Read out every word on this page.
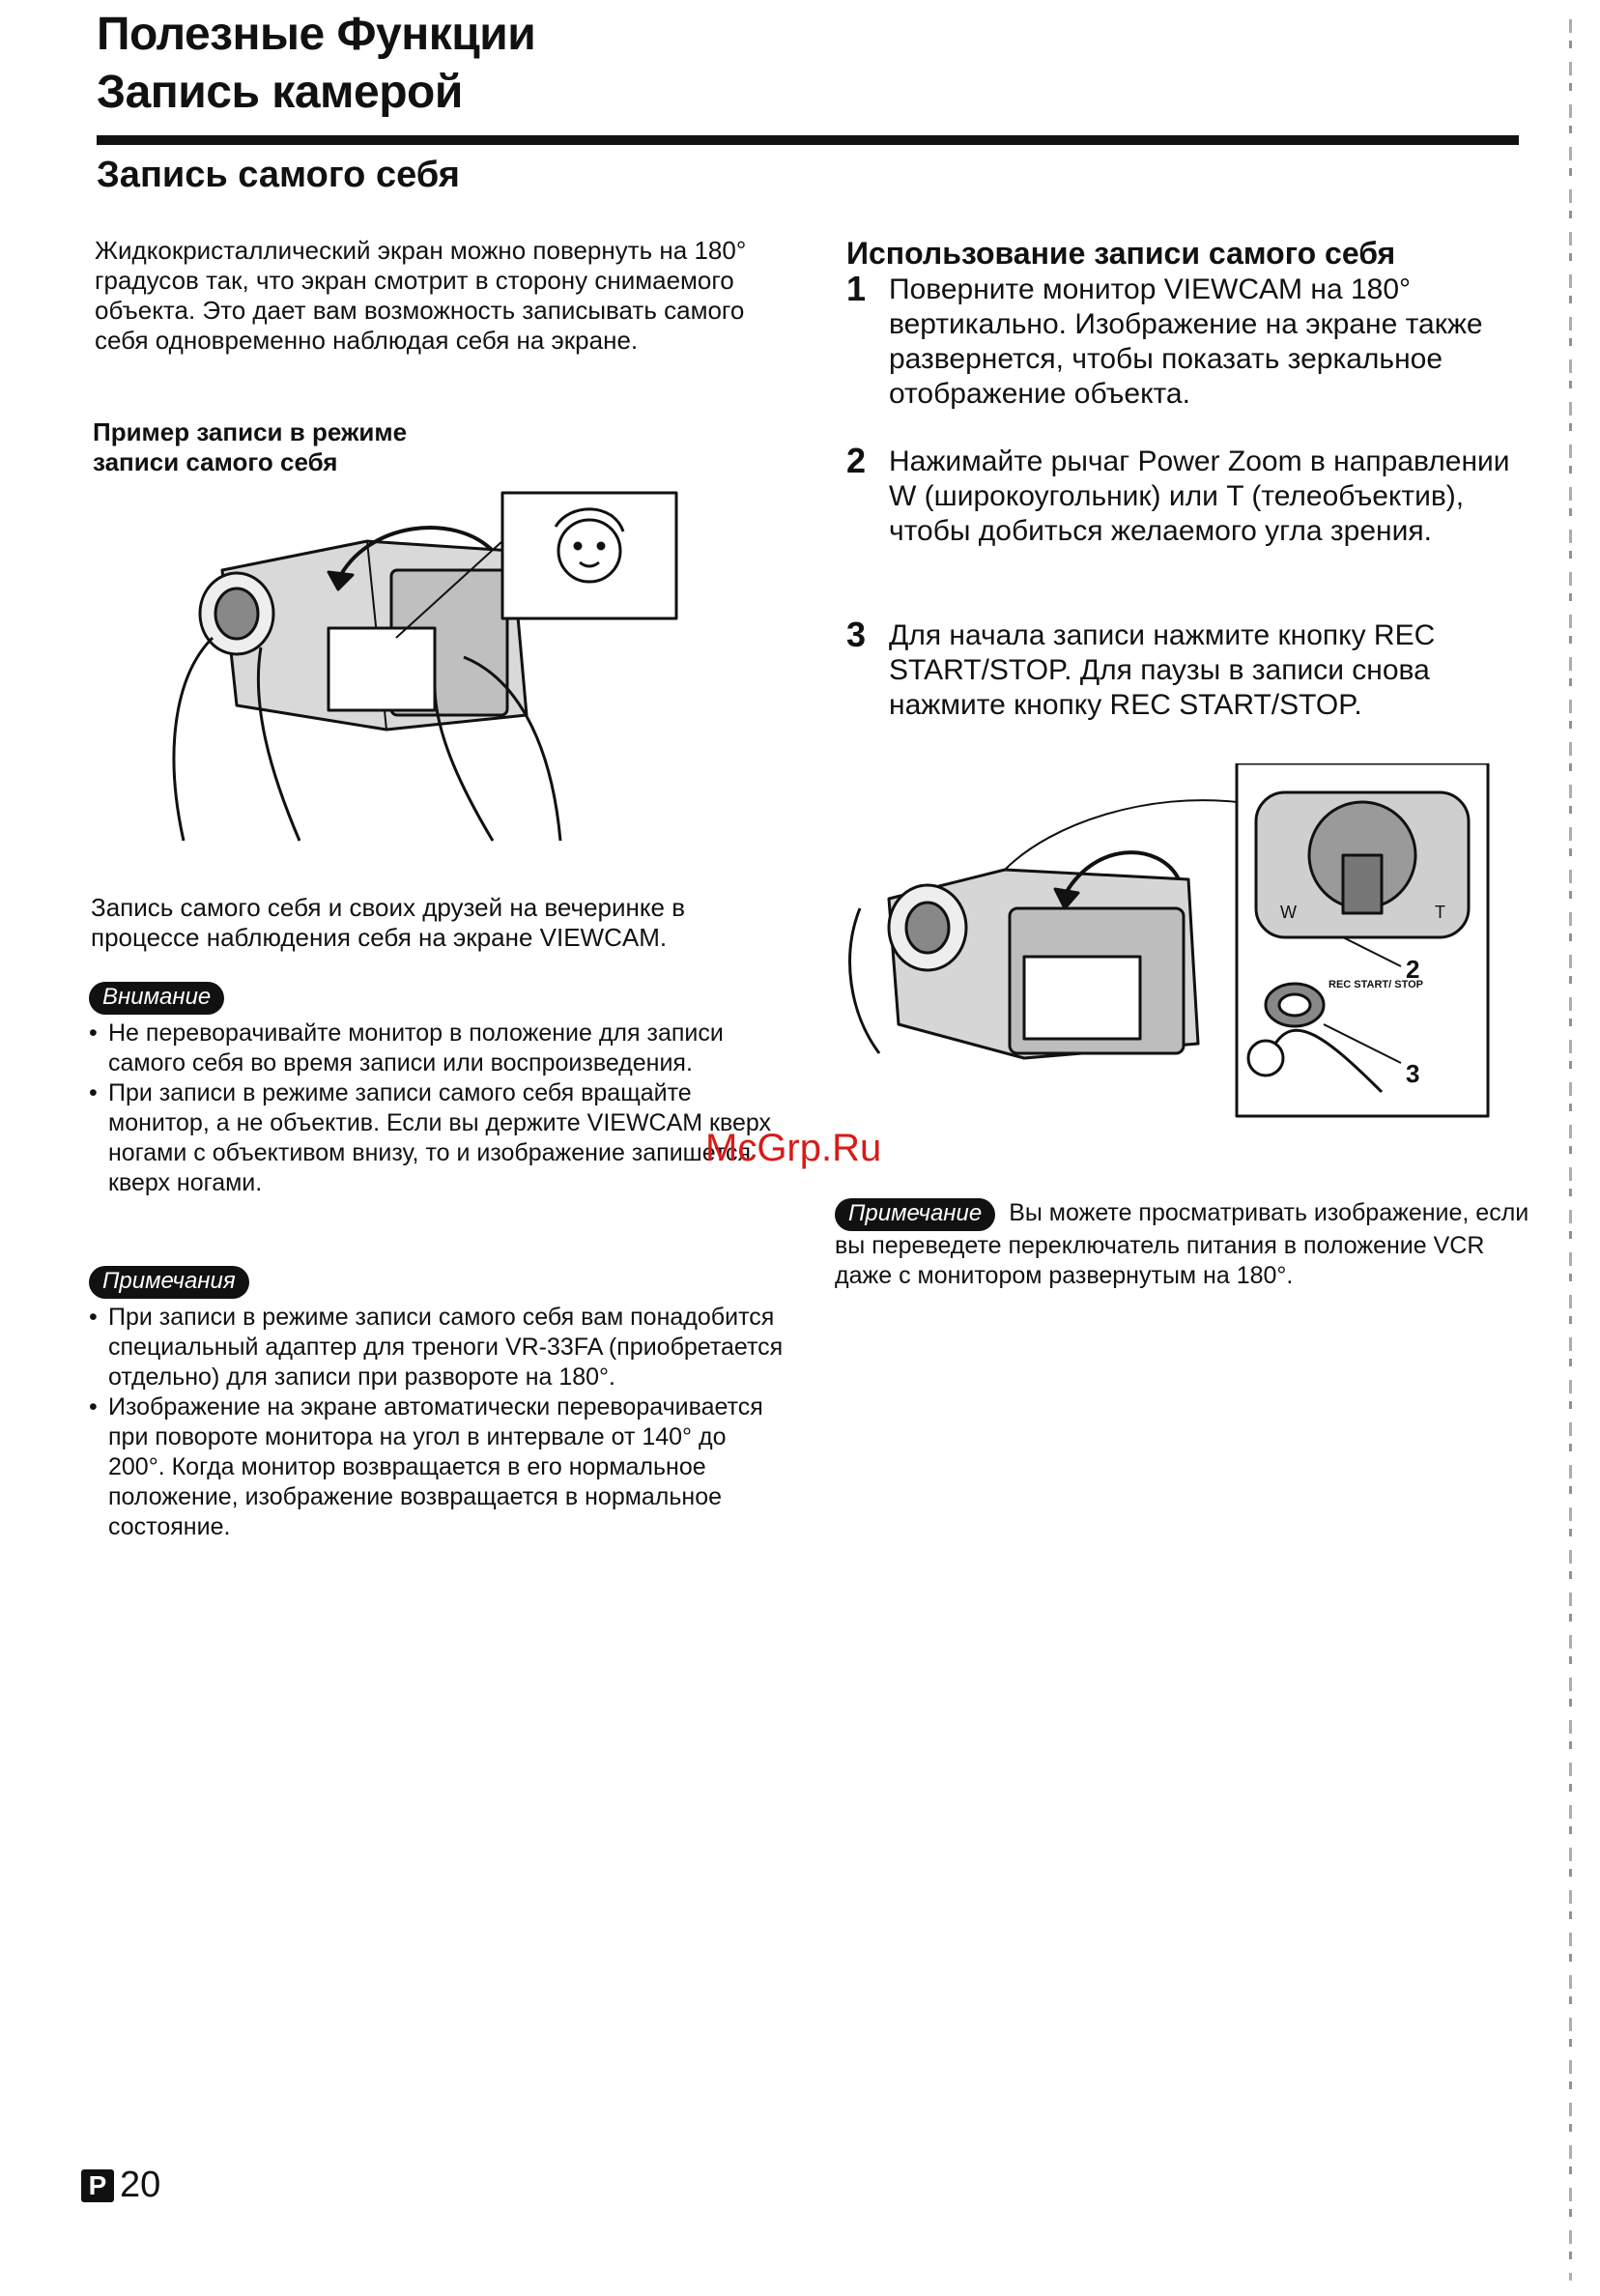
Полезные Функции
Запись камерой
Запись самого себя
Жидкокристаллический экран можно повернуть на 180° градусов так, что экран смотрит в сторону снимаемого объекта. Это дает вам возможность записывать самого себя одновременно наблюдая себя на экране.
Пример записи в режиме
записи самого себя
Запись самого себя и своих друзей на вечеринке в процессе наблюдения себя на экране VIEWCAM.
Внимание
• Не переворачивайте монитор в положение для записи самого себя во время записи или воспроизведения.
• При записи в режиме записи самого себя вращайте монитор, а не объектив. Если вы держите VIEWCAM кверх ногами с объективом внизу, то и изображение запишется кверх ногами.
Примечания
• При записи в режиме записи самого себя вам понадобится специальный адаптер для треноги VR-33FA (приобретается отдельно) для записи при развороте на 180°.
• Изображение на экране автоматически переворачивается при повороте монитора на угол в интервале от 140° до 200°. Когда монитор возвращается в его нормальное положение, изображение возвращается в нормальное состояние.
Использование записи самого себя
1 Поверните монитор VIEWCAM на 180° вертикально. Изображение на экране также развернется, чтобы показать зеркальное отображение объекта.
2 Нажимайте рычаг Power Zoom в направлении W (широкоугольник) или T (телеобъектив), чтобы добиться желаемого угла зрения.
3 Для начала записи нажмите кнопку REC START/STOP. Для паузы в записи снова нажмите кнопку REC START/STOP.
W	T
REC START/ STOP
2
3
Примечание Вы можете просматривать изображение, если вы переведете переключатель питания в положение VCR даже с монитором развернутым на 180°.
McGrp.Ru
P 20
